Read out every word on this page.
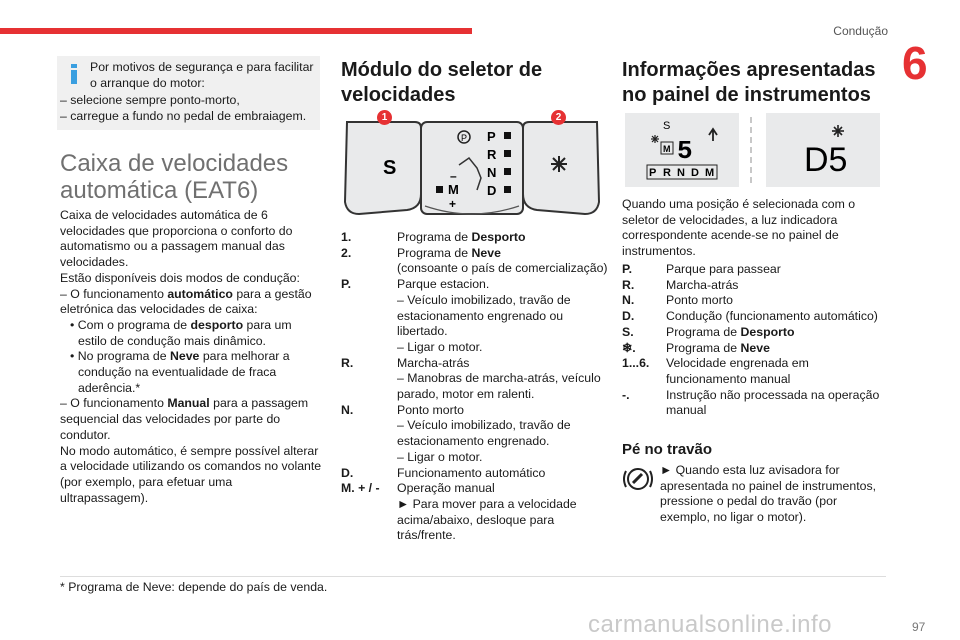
Condução
6
Por motivos de segurança e para facilitar o arranque do motor:
– selecione sempre ponto-morto,
– carregue a fundo no pedal de embraiagem.
Caixa de velocidades automática (EAT6)

Caixa de velocidades automática de 6 velocidades que proporciona o conforto do automatismo ou a passagem manual das velocidades.

Estão disponíveis dois modos de condução:

– O funcionamento automático para a gestão eletrónica das velocidades de caixa:

• Com o programa de desporto para um estilo de condução mais dinâmico.

• No programa de Neve para melhorar a condução na eventualidade de fraca aderência.*

– O funcionamento Manual para a passagem sequencial das velocidades por parte do condutor.

No modo automático, é sempre possível alterar a velocidade utilizando os comandos no volante (por exemplo, para efetuar uma ultrapassagem).

Módulo do seletor de velocidades
S
P P
R
N
D
–
M
+
1	2
1.	Programa de Desporto
2.	Programa de Neve
(consoante o país de comercialização)
P.	Parque estacion.
– Veículo imobilizado, travão de estacionamento engrenado ou libertado.
– Ligar o motor.
R.	Marcha-atrás
– Manobras de marcha-atrás, veículo parado, motor em ralenti.
N.	Ponto morto
– Veículo imobilizado, travão de estacionamento engrenado.
– Ligar o motor.
D.	Funcionamento automático
M. + / -	Operação manual
► Para mover para a velocidade acima/abaixo, desloque para trás/frente.
Informações apresentadas no painel de instrumentos
S
M 5
P R N D M	D5
Quando uma posição é selecionada com o seletor de velocidades, a luz indicadora correspondente acende-se no painel de instrumentos.
P.	Parque para passear
R.	Marcha-atrás
N.	Ponto morto
D.	Condução (funcionamento automático)
S.	Programa de Desporto
❄.	Programa de Neve
1...6.	Velocidade engrenada em funcionamento manual
-.	Instrução não processada na operação manual
Pé no travão
► Quando esta luz avisadora for apresentada no painel de instrumentos, pressione o pedal do travão (por exemplo, no ligar o motor).
* Programa de Neve: depende do país de venda.
carmanualsonline.info	97
